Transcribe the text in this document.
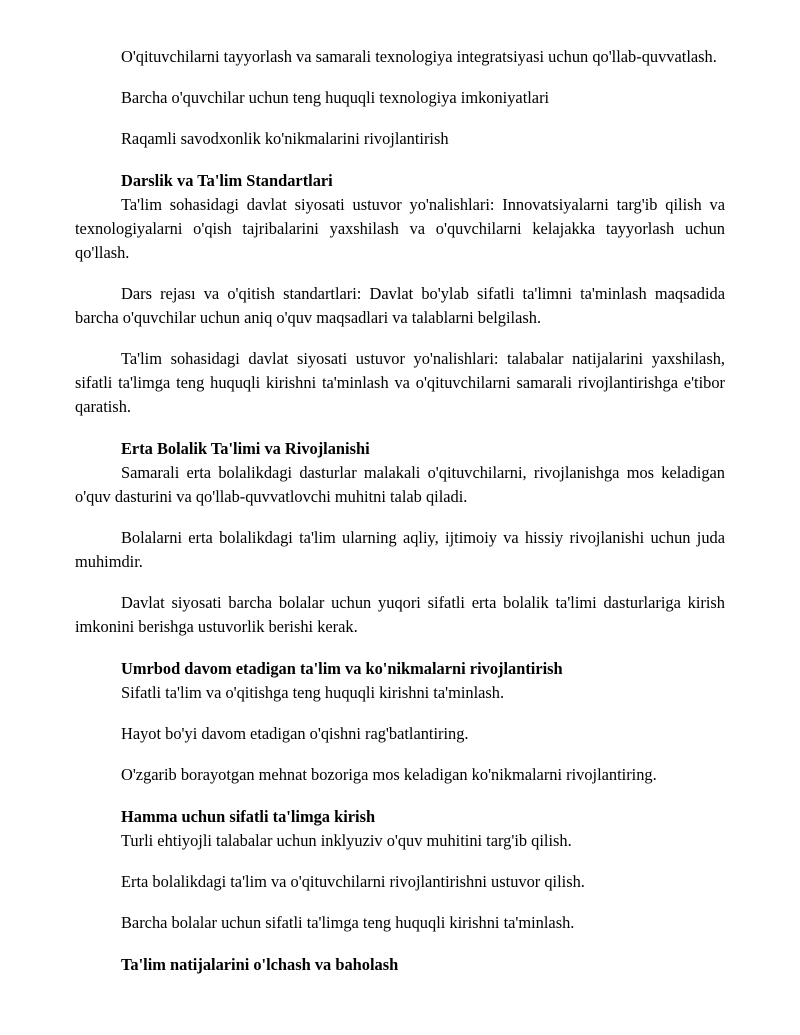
O'qituvchilarni tayyorlash va samarali texnologiya integratsiyasi uchun qo'llab-quvvatlash.

Barcha o'quvchilar uchun teng huquqli texnologiya imkoniyatlari

Raqamli savodxonlik ko'nikmalarini rivojlantirish

Darslik va Ta'lim Standartlari

Ta'lim sohasidagi davlat siyosati ustuvor yo'nalishlari: Innovatsiyalarni targ'ib qilish va texnologiyalarni o'qish tajribalarini yaxshilash va o'quvchilarni kelajakka tayyorlash uchun qo'llash.

Dars rejası va o'qitish standartlari: Davlat bo'ylab sifatli ta'limni ta'minlash maqsadida barcha o'quvchilar uchun aniq o'quv maqsadlari va talablarni belgilash.

Ta'lim sohasidagi davlat siyosati ustuvor yo'nalishlari: talabalar natijalarini yaxshilash, sifatli ta'limga teng huquqli kirishni ta'minlash va o'qituvchilarni samarali rivojlantirishga e'tibor qaratish.

Erta Bolalik Ta'limi va Rivojlanishi

Samarali erta bolalikdagi dasturlar malakali o'qituvchilarni, rivojlanishga mos keladigan o'quv dasturini va qo'llab-quvvatlovchi muhitni talab qiladi.

Bolalarni erta bolalikdagi ta'lim ularning aqliy, ijtimoiy va hissiy rivojlanishi uchun juda muhimdir.

Davlat siyosati barcha bolalar uchun yuqori sifatli erta bolalik ta'limi dasturlariga kirish imkonini berishga ustuvorlik berishi kerak.

Umrbod davom etadigan ta'lim va ko'nikmalarni rivojlantirish

Sifatli ta'lim va o'qitishga teng huquqli kirishni ta'minlash.

Hayot bo'yi davom etadigan o'qishni rag'batlantiring.

O'zgarib borayotgan mehnat bozoriga mos keladigan ko'nikmalarni rivojlantiring.

Hamma uchun sifatli ta'limga kirish

Turli ehtiyojli talabalar uchun inklyuziv o'quv muhitini targ'ib qilish.

Erta bolalikdagi ta'lim va o'qituvchilarni rivojlantirishni ustuvor qilish.

Barcha bolalar uchun sifatli ta'limga teng huquqli kirishni ta'minlash.

Ta'lim natijalarini o'lchash va baholash
